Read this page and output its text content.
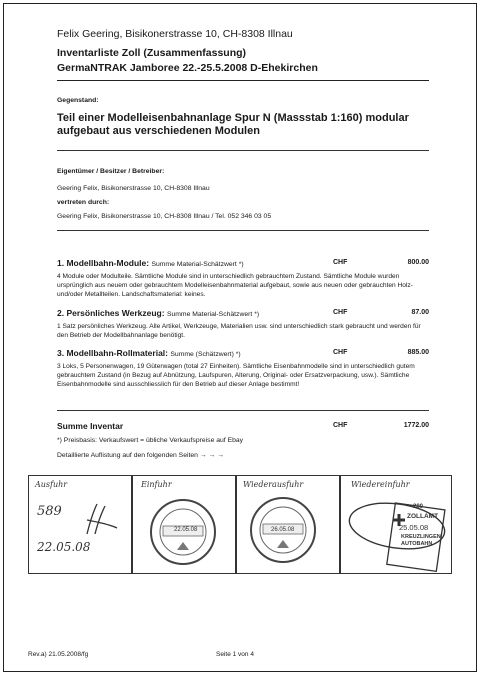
Felix Geering, Bisikonerstrasse 10, CH-8308 Illnau
Inventarliste Zoll (Zusammenfassung)
GermaNTRAK Jamboree 22.-25.5.2008 D-Ehekirchen
Gegenstand:
Teil einer Modelleisenbahnanlage Spur N (Massstab 1:160) modular aufgebaut aus verschiedenen Modulen
Eigentümer / Besitzer / Betreiber:
Geering Felix, Bisikonerstrasse 10, CH-8308 Illnau
vertreten durch:
Geering Felix, Bisikonerstrasse 10, CH-8308 Illnau / Tel. 052 346 03 05
1. Modellbahn-Module: Summe Material-Schätzwert *)	CHF	800.00
4 Module oder Modulteile. Sämtliche Module sind in unterschiedlich gebrauchtem Zustand. Sämtliche Module wurden ursprünglich aus neuem oder gebrauchtem Modelleisenbahnmaterial aufgebaut, sowie aus neuen oder gebrauchten Holz- und/oder Metallteilen. Landschaftsmaterial: keines.
2. Persönliches Werkzeug: Summe Material-Schätzwert *)	CHF	87.00
1 Satz persönliches Werkzeug. Alle Artikel, Werkzeuge, Materialien usw. sind unterschiedlich stark gebraucht und werden für den Betrieb der Modellbahnanlage benötigt.
3. Modellbahn-Rollmaterial: Summe (Schätzwert) *)	CHF	885.00
3 Loks, 5 Personenwagen, 19 Güterwagen (total 27 Einheiten). Sämtliche Eisenbahnmodelle sind in unterschiedlich gutem gebrauchtem Zustand (in Bezug auf Abnützung, Laufspuren, Alterung, Original- oder Ersatzverpackung, usw.). Sämtliche Eisenbahnmodelle sind ausschliesslich für den Betrieb auf dieser Anlage bestimmt!
Summe Inventar	CHF	1772.00
*) Preisbasis: Verkaufswert = übliche Verkaufspreise auf Ebay
Detaillierte Auflistung auf den folgenden Seiten → → →
Ausfuhr
589
22.05.08
Einfuhr
22.05.08
Wiederausfuhr
26.05.08
Wiedereinfuhr
280
ZOLLAMT
25.05.08
KREUZLINGEN AUTOBAHN
Rev.a) 21.05.2008/fg	Seite 1 von 4
